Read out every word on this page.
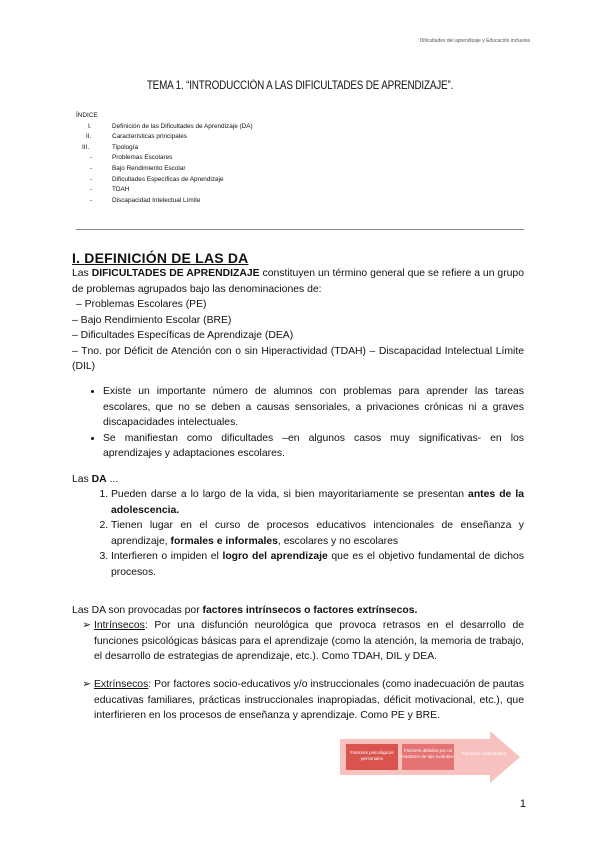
Dificultades del aprendizaje y Educación inclusiva
TEMA 1. “INTRODUCCIÓN A LAS DIFICULTADES DE APRENDIZAJE”.
ÍNDICE
I.	Definición de las Dificultades de Aprendizaje (DA)
II.	Características principales
III.	Tipología
-	Problemas Escolares
-	Bajo Rendimiento Escolar
-	Dificultades Específicas de Aprendizaje
-	TDAH
-	Discapacidad Intelectual Límite
I. DEFINICIÓN DE LAS DA
Las DIFICULTADES DE APRENDIZAJE constituyen un término general que se refiere a un grupo de problemas agrupados bajo las denominaciones de:
– Problemas Escolares (PE)
– Bajo Rendimiento Escolar (BRE)
– Dificultades Específicas de Aprendizaje (DEA)
– Tno. por Déficit de Atención con o sin Hiperactividad (TDAH) – Discapacidad Intelectual Límite (DIL)
• Existe un importante número de alumnos con problemas para aprender las tareas escolares, que no se deben a causas sensoriales, a privaciones crónicas ni a graves discapacidades intelectuales.
• Se manifiestan como dificultades –en algunos casos muy significativas- en los aprendizajes y adaptaciones escolares.
Las DA ...
1. Pueden darse a lo largo de la vida, si bien mayoritariamente se presentan antes de la adolescencia.
2. Tienen lugar en el curso de procesos educativos intencionales de enseñanza y aprendizaje, formales e informales, escolares y no escolares
3. Interfieren o impiden el logro del aprendizaje que es el objetivo fundamental de dichos procesos.
Las DA son provocadas por factores intrínsecos o factores extrínsecos.
➢ Intrínsecos: Por una disfunción neurológica que provoca retrasos en el desarrollo de funciones psicológicas básicas para el aprendizaje (como la atención, la memoria de trabajo, el desarrollo de estrategias de aprendizaje, etc.). Como TDAH, DIL y DEA.
➢ Extrínsecos: Por factores socio-educativos y/o instruccionales (como inadecuación de pautas educativas familiares, prácticas instruccionales inapropiadas, déficit motivacional, etc.), que interfirieren en los procesos de enseñanza y aprendizaje. Como PE y BRE.
Factores psicológicos personales
Factores debidos por un trastorno de tipo evolutivo	Factores contextuales
1
